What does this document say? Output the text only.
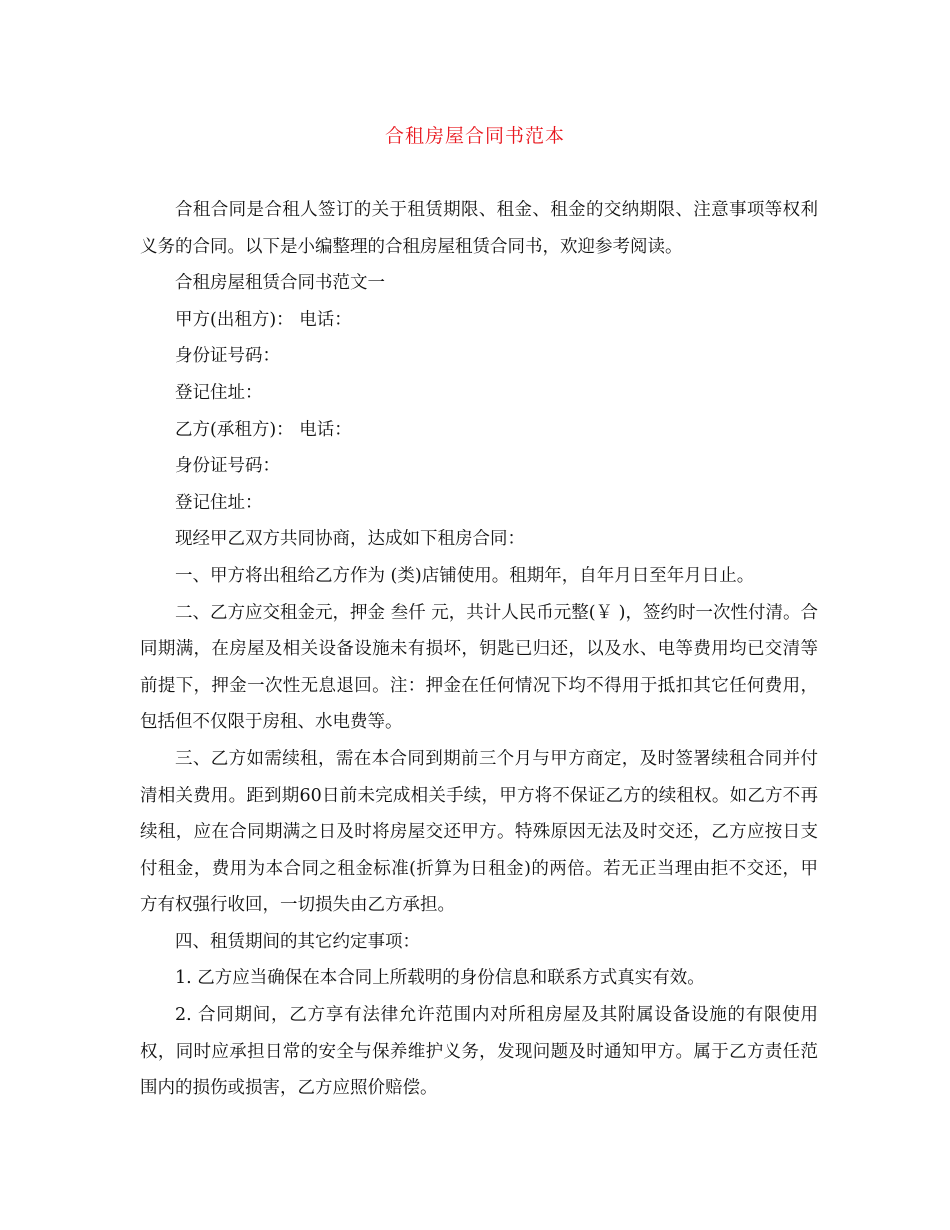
合租房屋合同书范本

合租合同是合租人签订的关于租赁期限、租金、租金的交纳期限、注意事项等权利义务的合同。以下是小编整理的合租房屋租赁合同书，欢迎参考阅读。

合租房屋租赁合同书范文一

甲方(出租方)： 电话：

身份证号码：

登记住址：

乙方(承租方)： 电话：

身份证号码：

登记住址：

现经甲乙双方共同协商，达成如下租房合同：

一、甲方将出租给乙方作为 (类)店铺使用。租期年，自年月日至年月日止。

二、乙方应交租金元，押金 叁仟 元，共计人民币元整(￥ )，签约时一次性付清。合同期满，在房屋及相关设备设施未有损坏，钥匙已归还，以及水、电等费用均已交清等前提下，押金一次性无息退回。注：押金在任何情况下均不得用于抵扣其它任何费用，包括但不仅限于房租、水电费等。

三、乙方如需续租，需在本合同到期前三个月与甲方商定，及时签署续租合同并付清相关费用。距到期60日前未完成相关手续，甲方将不保证乙方的续租权。如乙方不再续租，应在合同期满之日及时将房屋交还甲方。特殊原因无法及时交还，乙方应按日支付租金，费用为本合同之租金标准(折算为日租金)的两倍。若无正当理由拒不交还，甲方有权强行收回，一切损失由乙方承担。

四、租赁期间的其它约定事项：

1. 乙方应当确保在本合同上所载明的身份信息和联系方式真实有效。

2. 合同期间，乙方享有法律允许范围内对所租房屋及其附属设备设施的有限使用权，同时应承担日常的安全与保养维护义务，发现问题及时通知甲方。属于乙方责任范围内的损伤或损害，乙方应照价赔偿。
